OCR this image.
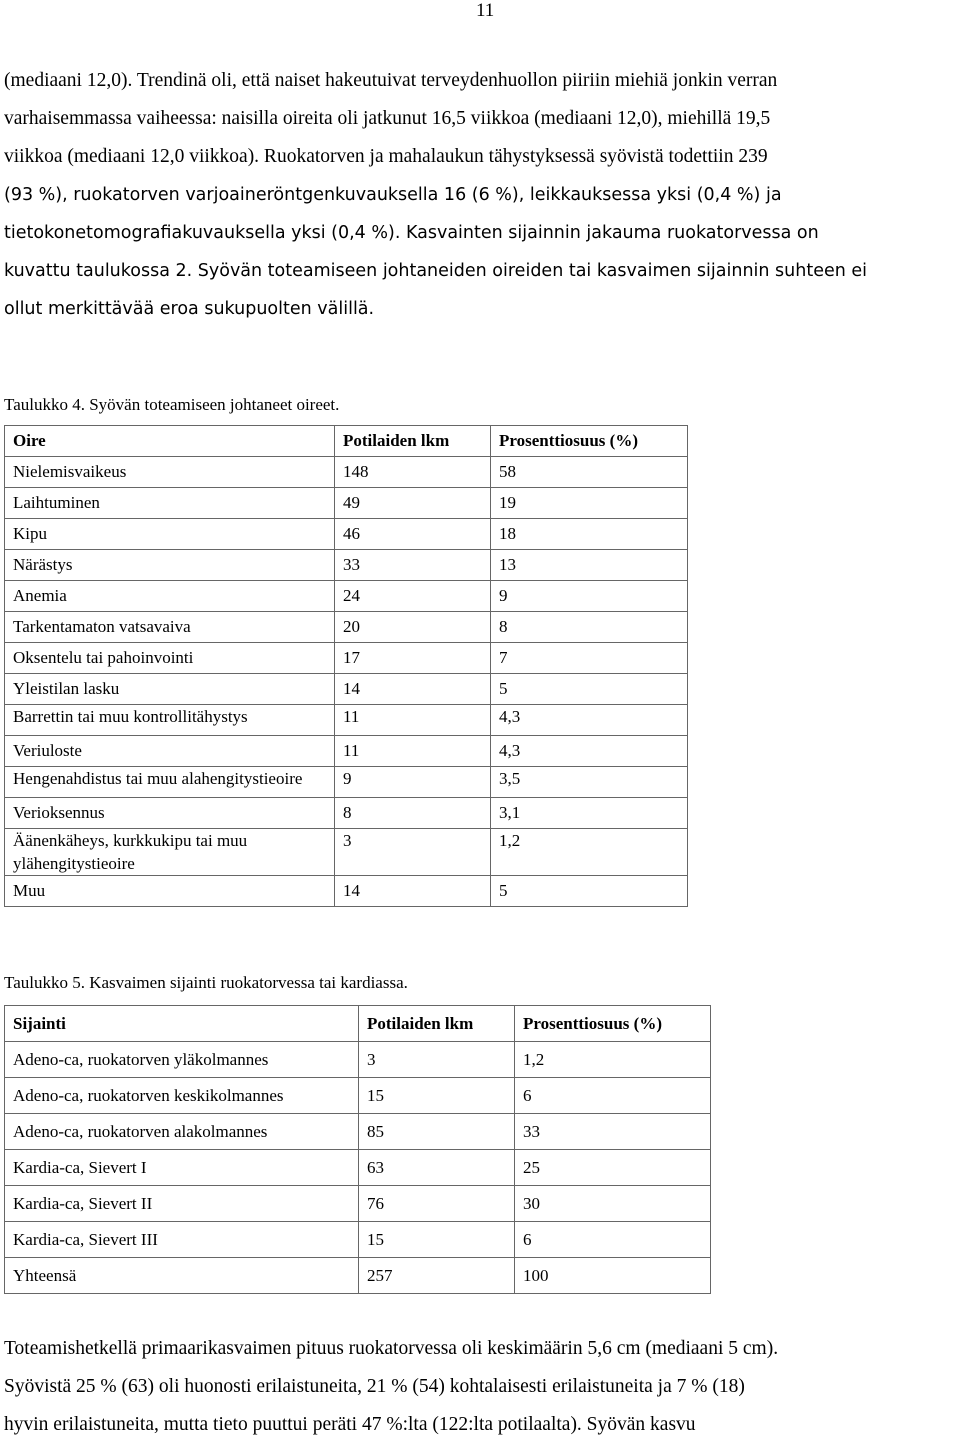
11
(mediaani 12,0). Trendinä oli, että naiset hakeutuivat terveydenhuollon piiriin miehiä jonkin verran
varhaisemmassa vaiheessa: naisilla oireita oli jatkunut 16,5 viikkoa (mediaani 12,0), miehillä 19,5
viikkoa (mediaani 12,0 viikkoa). Ruokatorven ja mahalaukun tähystyksessä syövistä todettiin 239
(93 %), ruokatorven varjoaineröntgenkuvauksella 16 (6 %), leikkauksessa yksi (0,4 %) ja
tietokonetomografiakuvauksella yksi (0,4 %). Kasvainten sijainnin jakauma ruokatorvessa on
kuvattu taulukossa 2. Syövän toteamiseen johtaneiden oireiden tai kasvaimen sijainnin suhteen ei
ollut merkittävää eroa sukupuolten välillä.
Taulukko 4. Syövän toteamiseen johtaneet oireet.
Oire	Potilaiden lkm	Prosenttiosuus (%)
Nielemisvaikeus	148	58
Laihtuminen	49	19
Kipu	46	18
Närästys	33	13
Anemia	24	9
Tarkentamaton vatsavaiva	20	8
Oksentelu tai pahoinvointi	17	7
Yleistilan lasku	14	5
Barrettin tai muu kontrollitähystys	11	4,3
Veriuloste	11	4,3
Hengenahdistus tai muu alahengitystieoire	9	3,5
Verioksennus	8	3,1
Äänenkäheys, kurkkukipu tai muu ylähengitystieoire	3	1,2
Muu	14	5
Taulukko 5. Kasvaimen sijainti ruokatorvessa tai kardiassa.
Sijainti	Potilaiden lkm	Prosenttiosuus (%)
Adeno-ca, ruokatorven yläkolmannes	3	1,2
Adeno-ca, ruokatorven keskikolmannes	15	6
Adeno-ca, ruokatorven alakolmannes	85	33
Kardia-ca, Sievert I	63	25
Kardia-ca, Sievert II	76	30
Kardia-ca, Sievert III	15	6
Yhteensä	257	100
Toteamishetkellä primaarikasvaimen pituus ruokatorvessa oli keskimäärin 5,6 cm (mediaani 5 cm).
Syövistä 25 % (63) oli huonosti erilaistuneita, 21 % (54) kohtalaisesti erilaistuneita ja 7 % (18)
hyvin erilaistuneita, mutta tieto puuttui peräti 47 %:lta (122:lta potilaalta). Syövän kasvu
